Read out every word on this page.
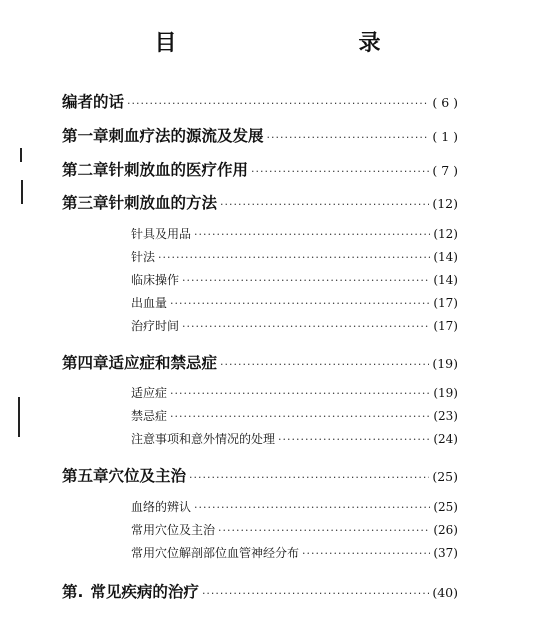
目　　录
编者的话 ·····	( 6 )
第一章 刺血疗法的源流及发展 ·····	( 1 )
第二章 针刺放血的医疗作用 ·····	( 7 )
第三章 针刺放血的方法 ·····	(12)
针具及用品 ·····	(12)
针法 ·····	(14)
临床操作 ·····	(14)
出血量 ·····	(17)
治疗时间 ·····	(17)
第四章 适应症和禁忌症 ·····	(19)
适应症 ·····	(19)
禁忌症 ·····	(23)
注意事项和意外情况的处理 ·····	(24)
第五章 穴位及主治 ·····	(25)
血络的辨认 ·····	(25)
常用穴位及主治 ·····	(26)
常用穴位解剖部位血管神经分布 ·····	(37)
第. 常见疾病的治疗 ·····	(40)
